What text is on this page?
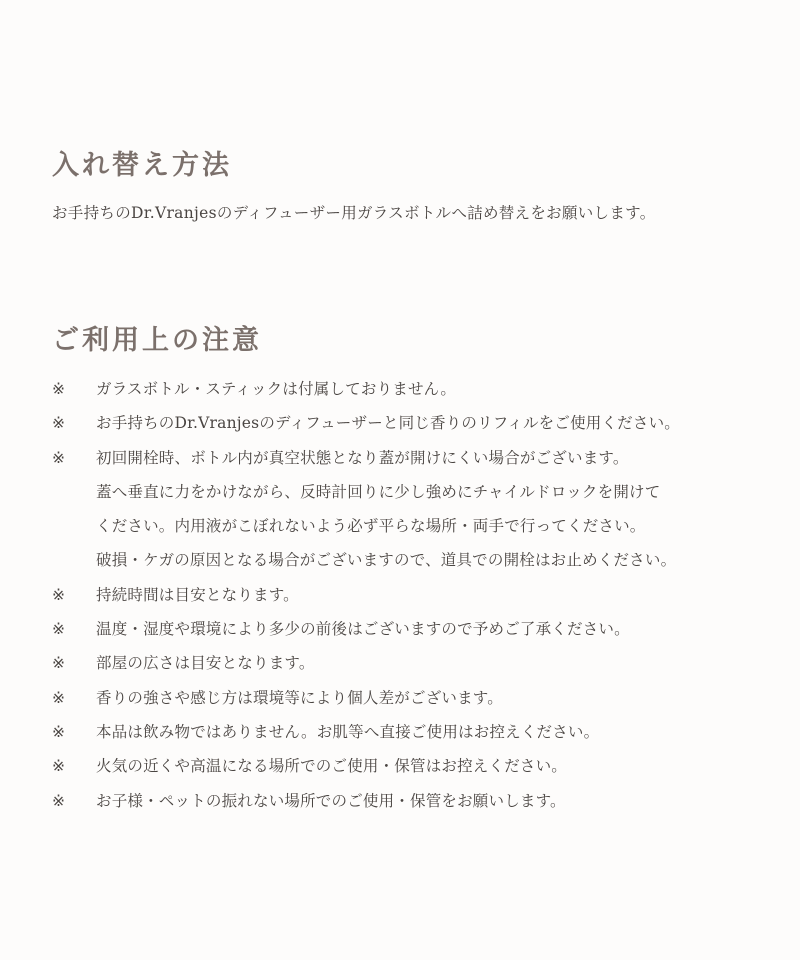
入れ替え方法

お手持ちのDr.Vranjesのディフューザー用ガラスボトルへ詰め替えをお願いします。

ご利用上の注意
※	ガラスボトル・スティックは付属しておりません。
※	お手持ちのDr.Vranjesのディフューザーと同じ香りのリフィルをご使用ください。
※	初回開栓時、ボトル内が真空状態となり蓋が開けにくい場合がございます。
蓋へ垂直に力をかけながら、反時計回りに少し強めにチャイルドロックを開けて
ください。内用液がこぼれないよう必ず平らな場所・両手で行ってください。
破損・ケガの原因となる場合がございますので、道具での開栓はお止めください。
※	持続時間は目安となります。
※	温度・湿度や環境により多少の前後はございますので予めご了承ください。
※	部屋の広さは目安となります。
※	香りの強さや感じ方は環境等により個人差がございます。
※	本品は飲み物ではありません。お肌等へ直接ご使用はお控えください。
※	火気の近くや高温になる場所でのご使用・保管はお控えください。
※	お子様・ペットの振れない場所でのご使用・保管をお願いします。
